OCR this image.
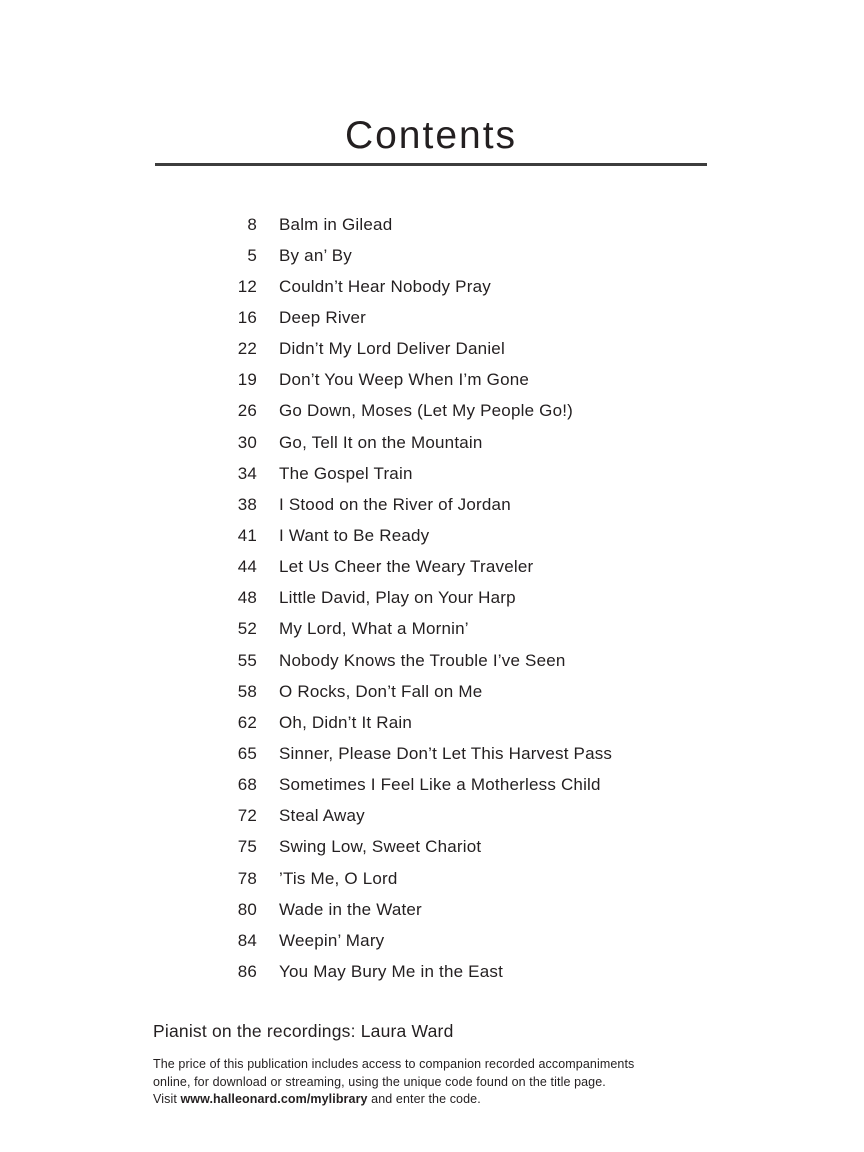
Contents
8 Balm in Gilead
5 By an’ By
12 Couldn’t Hear Nobody Pray
16 Deep River
22 Didn’t My Lord Deliver Daniel
19 Don’t You Weep When I’m Gone
26 Go Down, Moses (Let My People Go!)
30 Go, Tell It on the Mountain
34 The Gospel Train
38 I Stood on the River of Jordan
41 I Want to Be Ready
44 Let Us Cheer the Weary Traveler
48 Little David, Play on Your Harp
52 My Lord, What a Mornin’
55 Nobody Knows the Trouble I’ve Seen
58 O Rocks, Don’t Fall on Me
62 Oh, Didn’t It Rain
65 Sinner, Please Don’t Let This Harvest Pass
68 Sometimes I Feel Like a Motherless Child
72 Steal Away
75 Swing Low, Sweet Chariot
78 ’Tis Me, O Lord
80 Wade in the Water
84 Weepin’ Mary
86 You May Bury Me in the East
Pianist on the recordings: Laura Ward
The price of this publication includes access to companion recorded accompaniments
online, for download or streaming, using the unique code found on the title page.
Visit www.halleonard.com/mylibrary and enter the code.
